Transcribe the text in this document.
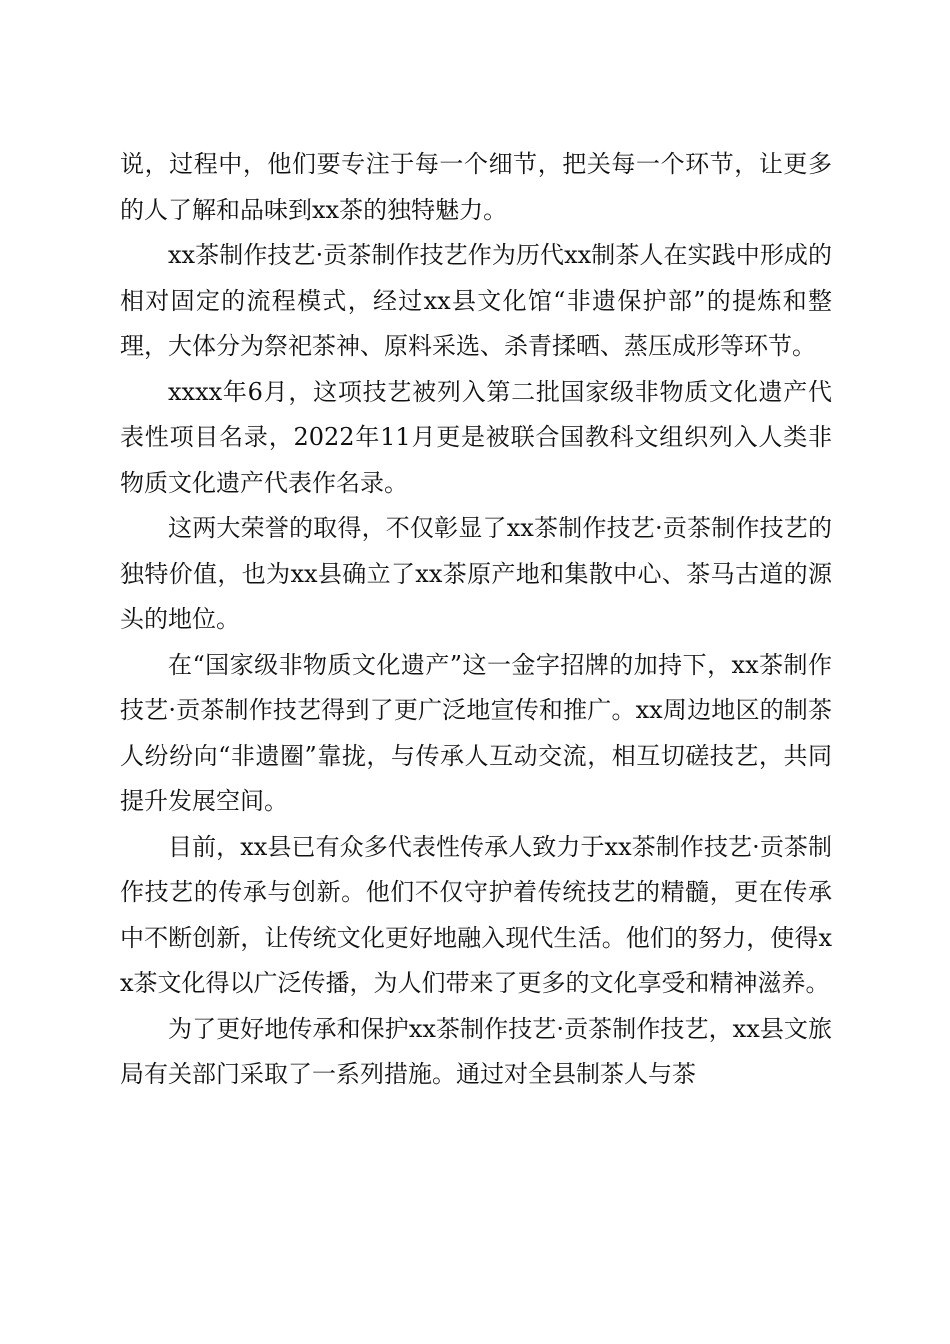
说，过程中，他们要专注于每一个细节，把关每一个环节，让更多的人了解和品味到xx茶的独特魅力。

xx茶制作技艺·贡茶制作技艺作为历代xx制茶人在实践中形成的相对固定的流程模式，经过xx县文化馆“非遗保护部”的提炼和整理，大体分为祭祀茶神、原料采选、杀青揉晒、蒸压成形等环节。

xxxx年6月，这项技艺被列入第二批国家级非物质文化遗产代表性项目名录，2022年11月更是被联合国教科文组织列入人类非物质文化遗产代表作名录。

这两大荣誉的取得，不仅彰显了xx茶制作技艺·贡茶制作技艺的独特价值，也为xx县确立了xx茶原产地和集散中心、茶马古道的源头的地位。

在“国家级非物质文化遗产”这一金字招牌的加持下，xx茶制作技艺·贡茶制作技艺得到了更广泛地宣传和推广。xx周边地区的制茶人纷纷向“非遗圈”靠拢，与传承人互动交流，相互切磋技艺，共同提升发展空间。

目前，xx县已有众多代表性传承人致力于xx茶制作技艺·贡茶制作技艺的传承与创新。他们不仅守护着传统技艺的精髓，更在传承中不断创新，让传统文化更好地融入现代生活。他们的努力，使得xx茶文化得以广泛传播，为人们带来了更多的文化享受和精神滋养。

为了更好地传承和保护xx茶制作技艺·贡茶制作技艺，xx县文旅局有关部门采取了一系列措施。通过对全县制茶人与茶
